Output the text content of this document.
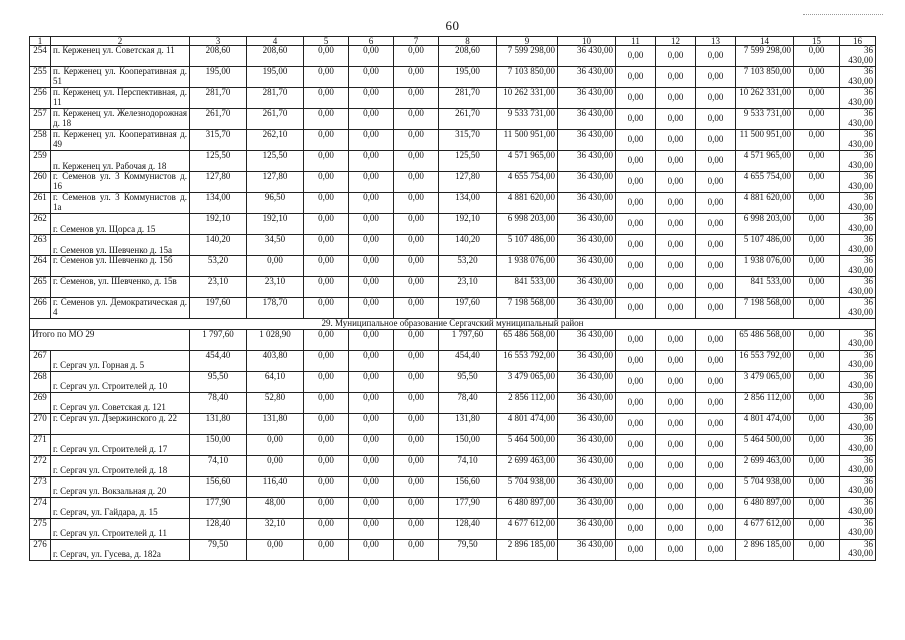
60
1	2	3	4	5	6	7	8	9	10	11	12	13	14	15	16
254	п. Керженец ул. Советская д. 11	208,60	208,60	0,00	0,00	0,00	208,60	7 599 298,00	36 430,00	0,00	0,00	0,00	7 599 298,00	0,00	36 430,00
255	п. Керженец ул. Кооперативная д. 51	195,00	195,00	0,00	0,00	0,00	195,00	7 103 850,00	36 430,00	0,00	0,00	0,00	7 103 850,00	0,00	36 430,00
256	п. Керженец ул. Перспективная, д. 11	281,70	281,70	0,00	0,00	0,00	281,70	10 262 331,00	36 430,00	0,00	0,00	0,00	10 262 331,00	0,00	36 430,00
257	п. Керженец ул. Железнодорожная д. 18	261,70	261,70	0,00	0,00	0,00	261,70	9 533 731,00	36 430,00	0,00	0,00	0,00	9 533 731,00	0,00	36 430,00
258	п. Керженец ул. Кооперативная д. 49	315,70	262,10	0,00	0,00	0,00	315,70	11 500 951,00	36 430,00	0,00	0,00	0,00	11 500 951,00	0,00	36 430,00
259	п. Керженец ул. Рабочая д. 18	125,50	125,50	0,00	0,00	0,00	125,50	4 571 965,00	36 430,00	0,00	0,00	0,00	4 571 965,00	0,00	36 430,00
260	г. Семенов ул. 3 Коммунистов д. 16	127,80	127,80	0,00	0,00	0,00	127,80	4 655 754,00	36 430,00	0,00	0,00	0,00	4 655 754,00	0,00	36 430,00
261	г. Семенов ул. 3 Коммунистов д. 1а	134,00	96,50	0,00	0,00	0,00	134,00	4 881 620,00	36 430,00	0,00	0,00	0,00	4 881 620,00	0,00	36 430,00
262	г. Семенов ул. Щорса д. 15	192,10	192,10	0,00	0,00	0,00	192,10	6 998 203,00	36 430,00	0,00	0,00	0,00	6 998 203,00	0,00	36 430,00
263	г. Семенов ул. Шевченко д. 15а	140,20	34,50	0,00	0,00	0,00	140,20	5 107 486,00	36 430,00	0,00	0,00	0,00	5 107 486,00	0,00	36 430,00
264	г. Семенов ул. Шевченко д. 15б	53,20	0,00	0,00	0,00	0,00	53,20	1 938 076,00	36 430,00	0,00	0,00	0,00	1 938 076,00	0,00	36 430,00
265	г. Семенов, ул. Шевченко, д. 15в	23,10	23,10	0,00	0,00	0,00	23,10	841 533,00	36 430,00	0,00	0,00	0,00	841 533,00	0,00	36 430,00
266	г. Семенов ул. Демократическая д. 4	197,60	178,70	0,00	0,00	0,00	197,60	7 198 568,00	36 430,00	0,00	0,00	0,00	7 198 568,00	0,00	36 430,00
29. Муниципальное образование Сергачский муниципальный район															
Итого по МО 29		1 797,60	1 028,90	0,00	0,00	0,00	1 797,60	65 486 568,00	36 430,00	0,00	0,00	0,00	65 486 568,00	0,00	36 430,00
267	г. Сергач ул. Горная д. 5	454,40	403,80	0,00	0,00	0,00	454,40	16 553 792,00	36 430,00	0,00	0,00	0,00	16 553 792,00	0,00	36 430,00
268	г. Сергач ул. Строителей д. 10	95,50	64,10	0,00	0,00	0,00	95,50	3 479 065,00	36 430,00	0,00	0,00	0,00	3 479 065,00	0,00	36 430,00
269	г. Сергач ул. Советская д. 121	78,40	52,80	0,00	0,00	0,00	78,40	2 856 112,00	36 430,00	0,00	0,00	0,00	2 856 112,00	0,00	36 430,00
270	г. Сергач ул. Дзержинского д. 22	131,80	131,80	0,00	0,00	0,00	131,80	4 801 474,00	36 430,00	0,00	0,00	0,00	4 801 474,00	0,00	36 430,00
271	г. Сергач ул. Строителей д. 17	150,00	0,00	0,00	0,00	0,00	150,00	5 464 500,00	36 430,00	0,00	0,00	0,00	5 464 500,00	0,00	36 430,00
272	г. Сергач ул. Строителей д. 18	74,10	0,00	0,00	0,00	0,00	74,10	2 699 463,00	36 430,00	0,00	0,00	0,00	2 699 463,00	0,00	36 430,00
273	г. Сергач ул. Вокзальная д. 20	156,60	116,40	0,00	0,00	0,00	156,60	5 704 938,00	36 430,00	0,00	0,00	0,00	5 704 938,00	0,00	36 430,00
274	г. Сергач, ул. Гайдара, д. 15	177,90	48,00	0,00	0,00	0,00	177,90	6 480 897,00	36 430,00	0,00	0,00	0,00	6 480 897,00	0,00	36 430,00
275	г. Сергач ул. Строителей д. 11	128,40	32,10	0,00	0,00	0,00	128,40	4 677 612,00	36 430,00	0,00	0,00	0,00	4 677 612,00	0,00	36 430,00
276	г. Сергач, ул. Гусева, д. 182а	79,50	0,00	0,00	0,00	0,00	79,50	2 896 185,00	36 430,00	0,00	0,00	0,00	2 896 185,00	0,00	36 430,00
